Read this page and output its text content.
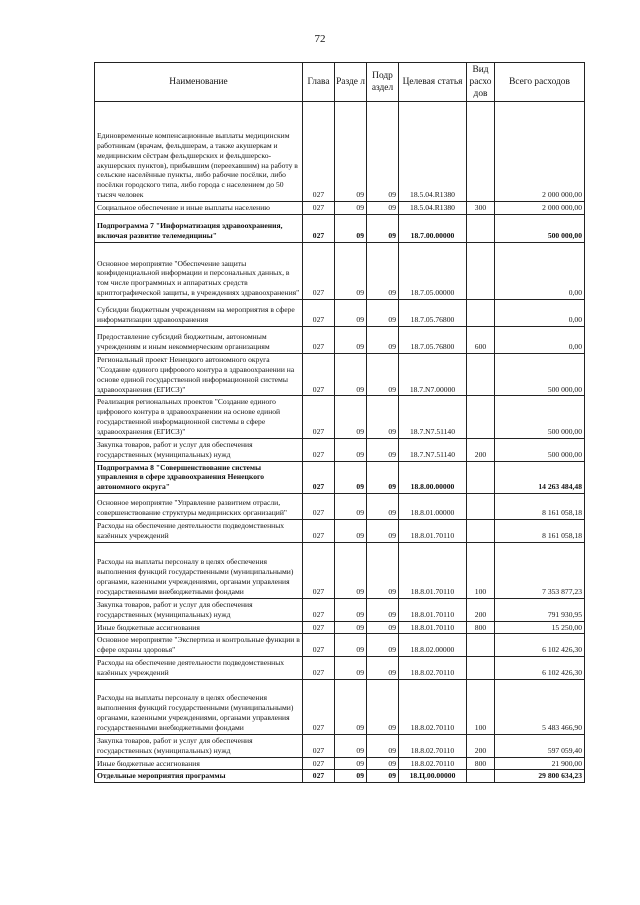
72
Наименование	Глава	Разде л	Подр аздел	Целевая статья	Вид расхо дов	Всего расходов
Единовременные компенсационные выплаты медицинским работникам (врачам, фельдшерам, а также акушеркам и медицинским сёстрам фельдшерских и фельдшерско-акушерских пунктов), прибывшим (переехавшим) на работу в сельские населённые пункты, либо рабочие посёлки, либо посёлки городского типа, либо города с населением до 50 тысяч человек	027	09	09	18.5.04.R1380		2 000 000,00
Социальное обеспечение и иные выплаты населению	027	09	09	18.5.04.R1380	300	2 000 000,00
Подпрограмма 7 "Информатизация здравоохранения, включая развитие телемедицины"	027	09	09	18.7.00.00000		500 000,00
Основное мероприятие "Обеспечение защиты конфиденциальной информации и персональных данных, в том числе программных и аппаратных средств криптографической защиты, в учреждениях здравоохранения"	027	09	09	18.7.05.00000		0,00
Субсидии бюджетным учреждениям на мероприятия в сфере информатизации здравоохранения	027	09	09	18.7.05.76800		0,00
Предоставление субсидий бюджетным, автономным учреждениям и иным некоммерческим организациям	027	09	09	18.7.05.76800	600	0,00
Региональный проект Ненецкого автономного округа "Создание единого цифрового контура в здравоохранении на основе единой государственной информационной системы здравоохранения (ЕГИСЗ)"	027	09	09	18.7.N7.00000		500 000,00
Реализация региональных проектов "Создание единого цифрового контура в здравоохранении на основе единой государственной информационной системы в сфере здравоохранения (ЕГИСЗ)"	027	09	09	18.7.N7.51140		500 000,00
Закупка товаров, работ и услуг для обеспечения государственных (муниципальных) нужд	027	09	09	18.7.N7.51140	200	500 000,00
Подпрограмма 8 "Совершенствование системы управления в сфере здравоохранения Ненецкого автономного округа"	027	09	09	18.8.00.00000		14 263 484,48
Основное мероприятие "Управление развитием отрасли, совершенствование структуры медицинских организаций"	027	09	09	18.8.01.00000		8 161 058,18
Расходы на обеспечение деятельности подведомственных казённых учреждений	027	09	09	18.8.01.70110		8 161 058,18
Расходы на выплаты персоналу в целях обеспечения выполнения функций государственными (муниципальными) органами, казенными учреждениями, органами управления государственными внебюджетными фондами	027	09	09	18.8.01.70110	100	7 353 877,23
Закупка товаров, работ и услуг для обеспечения государственных (муниципальных) нужд	027	09	09	18.8.01.70110	200	791 930,95
Иные бюджетные ассигнования	027	09	09	18.8.01.70110	800	15 250,00
Основное мероприятие "Экспертиза и контрольные функции в сфере охраны здоровья"	027	09	09	18.8.02.00000		6 102 426,30
Расходы на обеспечение деятельности подведомственных казённых учреждений	027	09	09	18.8.02.70110		6 102 426,30
Расходы на выплаты персоналу в целях обеспечения выполнения функций государственными (муниципальными) органами, казенными учреждениями, органами управления государственными внебюджетными фондами	027	09	09	18.8.02.70110	100	5 483 466,90
Закупка товаров, работ и услуг для обеспечения государственных (муниципальных) нужд	027	09	09	18.8.02.70110	200	597 059,40
Иные бюджетные ассигнования	027	09	09	18.8.02.70110	800	21 900,00
Отдельные мероприятия программы	027	09	09	18.Ц.00.00000		29 800 634,23
